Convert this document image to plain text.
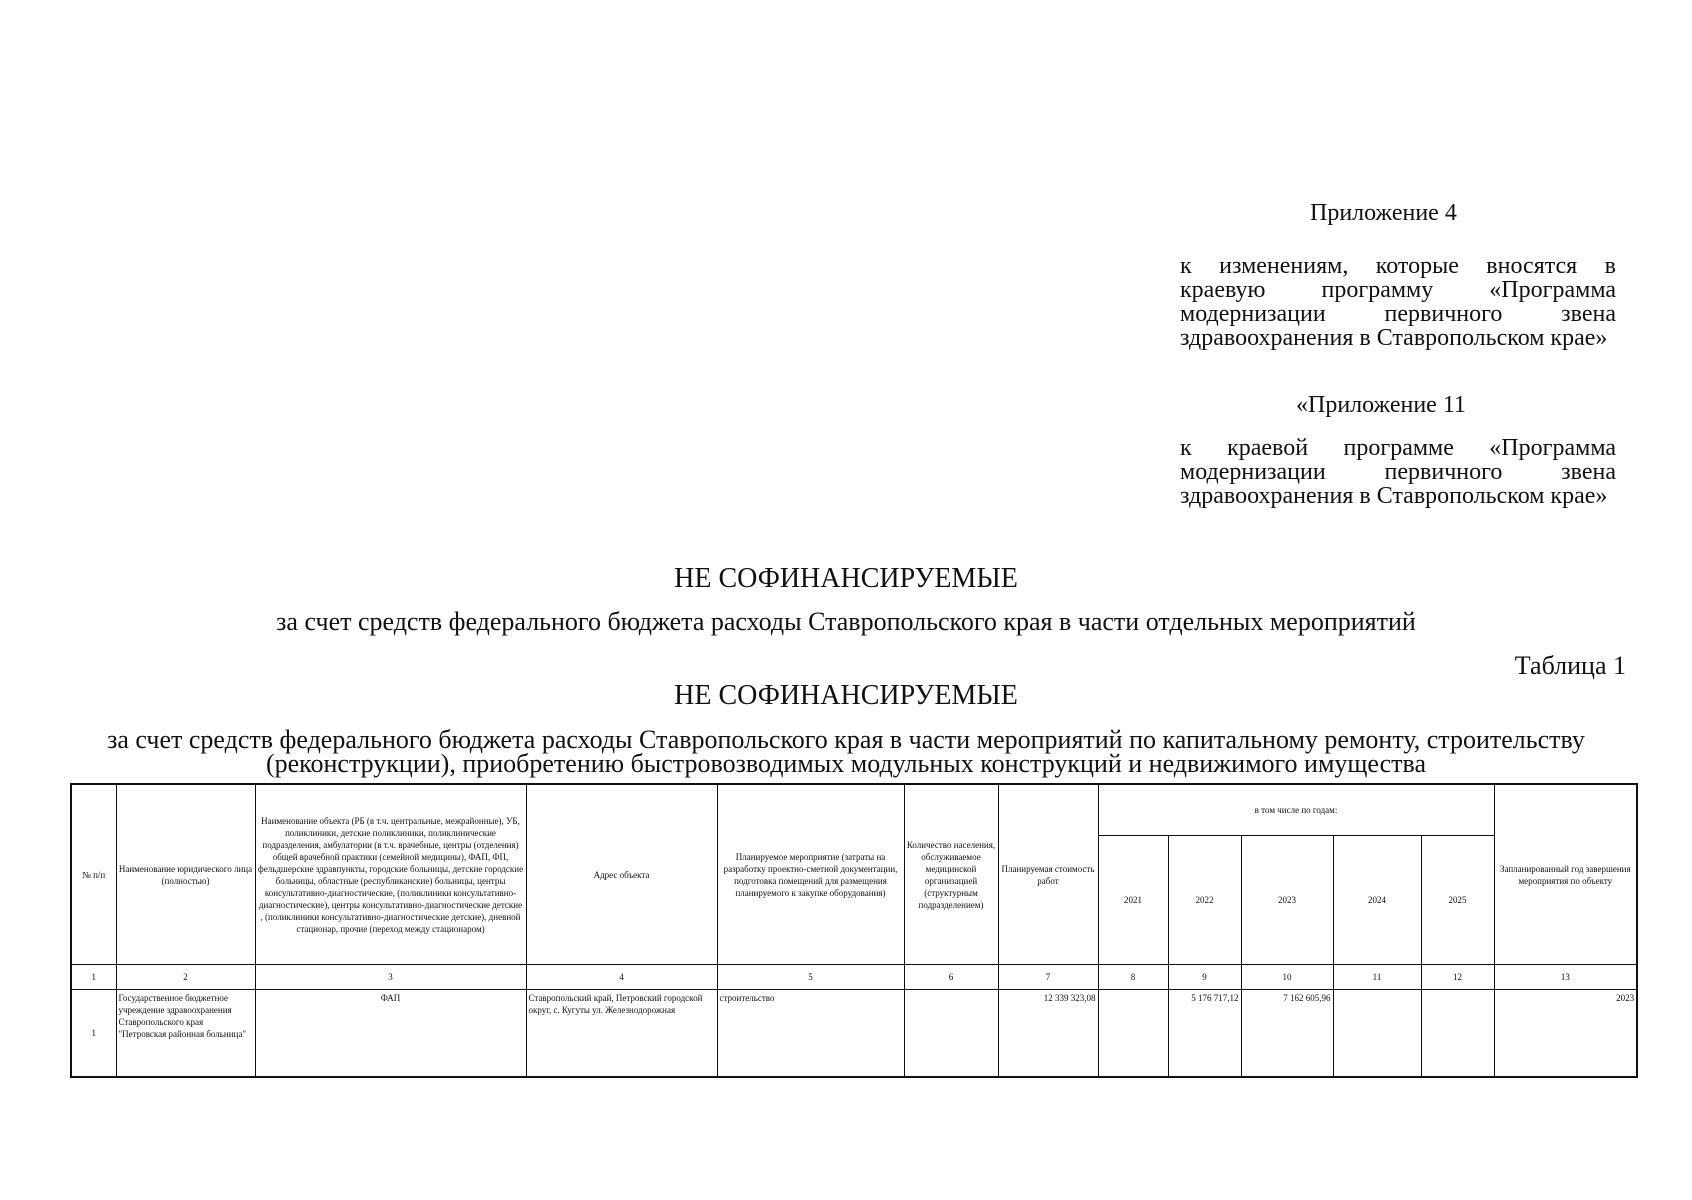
Приложение 4
к изменениям, которые вносятся в краевую программу «Программа модернизации первичного звена здравоохранения в Ставропольском крае»
«Приложение 11
к краевой программе «Программа модернизации первичного звена здравоохранения в Ставропольском крае»
НЕ СОФИНАНСИРУЕМЫЕ
за счет средств федерального бюджета расходы Ставропольского края в части отдельных мероприятий
Таблица 1
НЕ СОФИНАНСИРУЕМЫЕ
за счет средств федерального бюджета расходы Ставропольского края в части мероприятий по капитальному ремонту, строительству (реконструкции), приобретению быстровозводимых модульных конструкций и недвижимого имущества
№ п/п	Наименование юридического лица (полностью)	Наименование объекта (РБ (в т.ч. центральные, межрайонные), УБ, поликлиники, детские поликлиники, поликлинические подразделения, амбулатории (в т.ч. врачебные, центры (отделения) общей врачебной практики (семейной медицины), ФАП, ФП, фельдшерские здравпункты, городские больницы, детские городские больницы, областные (республиканские) больницы, центры консультативно-диагностические, (поликлиники консультативно-диагностические), центры консультативно-диагностические детские , (поликлиники консультативно-диагностические детские), дневной стационар, прочие (переход между стационаром)	Адрес объекта	Планируемое мероприятие (затраты на разработку проектно-сметной документации, подготовка помещений для размещения планируемого к закупке оборудования)	Количество населения, обслуживаемое медицинской организацией (структурным подразделением)	Планируемая стоимость работ	в том числе по годам:					Запланированный год завершения мероприятия по объекту
							2021	2022	2023	2024	2025	
1	2	3	4	5	6	7	8	9	10	11	12	13
1	Государственное бюджетное учреждение здравоохранения Ставропольского края "Петровская районная больница"	ФАП	Ставропольский край, Петровский городской округ, с. Кугуты ул. Железнодорожная	строительство		12 339 323,08		5 176 717,12	7 162 605,96			2023
